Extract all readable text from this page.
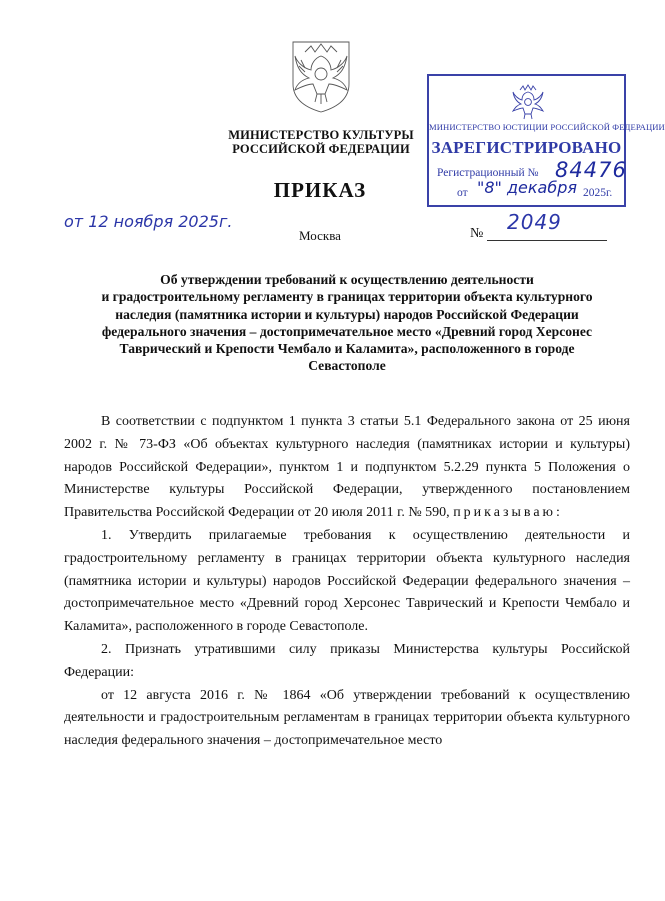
МИНИСТЕРСТВО КУЛЬТУРЫ
РОССИЙСКОЙ ФЕДЕРАЦИИ
МИНИСТЕРСТВО ЮСТИЦИИ РОССИЙСКОЙ ФЕДЕРАЦИИ
ЗАРЕГИСТРИРОВАНО
Регистрационный № 84476
от "8" декабря 2025г.
ПРИКАЗ
от 12 ноября 2025г.
Москва	№ 2049
Об утверждении требований к осуществлению деятельности
и градостроительному регламенту в границах территории объекта культурного
наследия (памятника истории и культуры) народов Российской Федерации
федерального значения – достопримечательное место «Древний город Херсонес
Таврический и Крепости Чембало и Каламита», расположенного в городе
Севастополе

В соответствии с подпунктом 1 пункта 3 статьи 5.1 Федерального закона от 25 июня 2002 г. № 73-ФЗ «Об объектах культурного наследия (памятниках истории и культуры) народов Российской Федерации», пунктом 1 и подпунктом 5.2.29 пункта 5 Положения о Министерстве культуры Российской Федерации, утвержденного постановлением Правительства Российской Федерации от 20 июля 2011 г. № 590, приказываю:

1. Утвердить прилагаемые требования к осуществлению деятельности и градостроительному регламенту в границах территории объекта культурного наследия (памятника истории и культуры) народов Российской Федерации федерального значения – достопримечательное место «Древний город Херсонес Таврический и Крепости Чембало и Каламита», расположенного в городе Севастополе.

2. Признать утратившими силу приказы Министерства культуры Российской Федерации:

от 12 августа 2016 г. № 1864 «Об утверждении требований к осуществлению деятельности и градостроительным регламентам в границах территории объекта культурного наследия федерального значения – достопримечательное место
